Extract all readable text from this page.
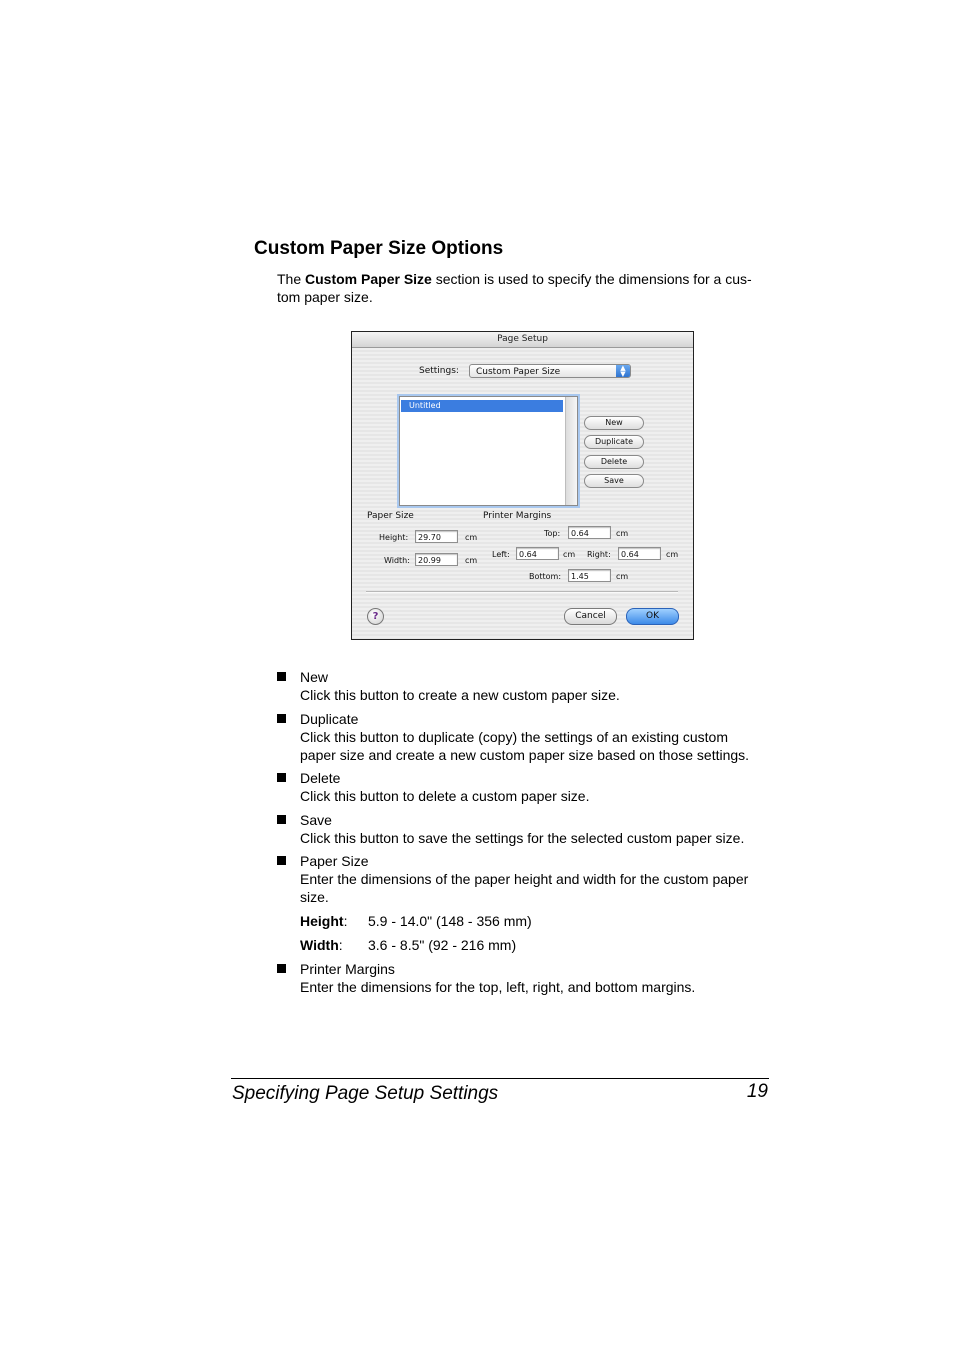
Custom Paper Size Options
The Custom Paper Size section is used to specify the dimensions for a cus-
tom paper size.
Page Setup
Settings:	Custom Paper Size	▲
▼
Untitled
New
Duplicate
Delete
Save
Paper Size
Height:	29.70	cm
Width:	20.99	cm
Printer Margins
Top:	0.64	cm
Left:	0.64	cm Right:	0.64	cm
Bottom:	1.45	cm
?	Cancel	OK
New
Click this button to create a new custom paper size.
Duplicate
Click this button to duplicate (copy) the settings of an existing custom
paper size and create a new custom paper size based on those settings.
Delete
Click this button to delete a custom paper size.
Save
Click this button to save the settings for the selected custom paper size.
Paper Size
Enter the dimensions of the paper height and width for the custom paper
size.
Height: 5.9 - 14.0" (148 - 356 mm)
Width: 3.6 - 8.5" (92 - 216 mm)
Printer Margins
Enter the dimensions for the top, left, right, and bottom margins.
Specifying Page Setup Settings	19
